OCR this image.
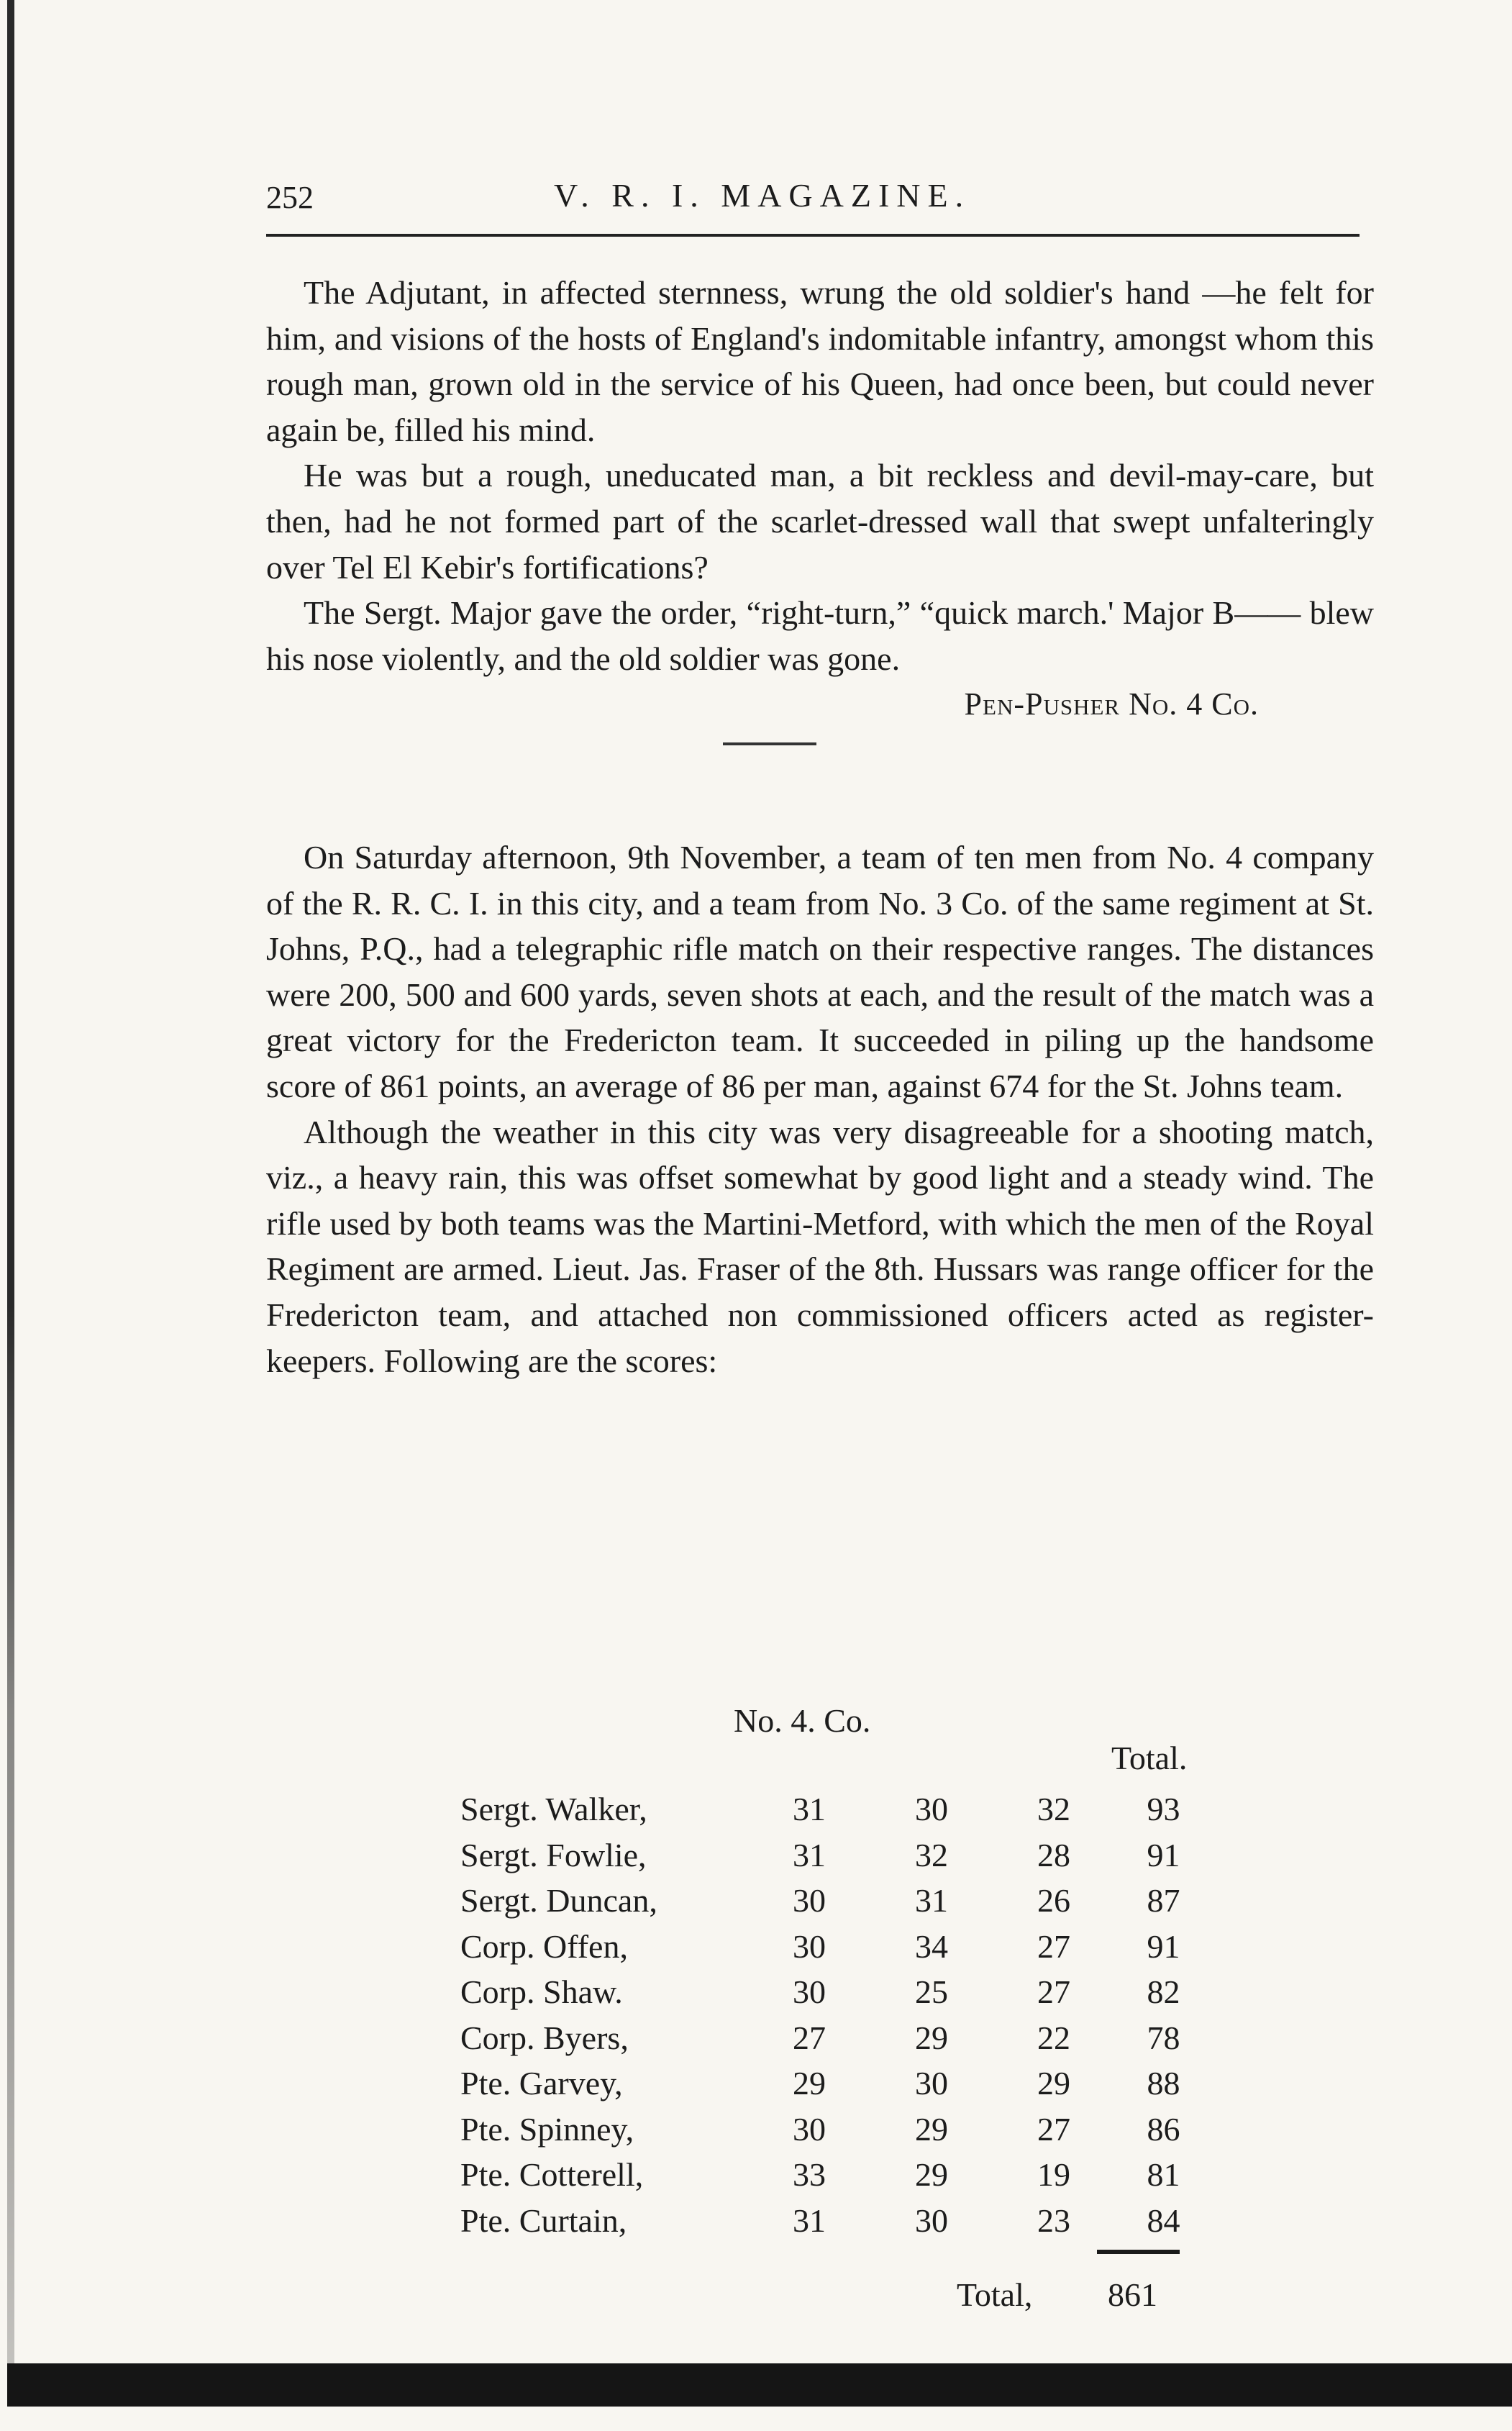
252	V. R. I. MAGAZINE.

The Adjutant, in affected sternness, wrung the old soldier's hand —he felt for him, and visions of the hosts of England's indomitable infantry, amongst whom this rough man, grown old in the service of his Queen, had once been, but could never again be, filled his mind.

He was but a rough, uneducated man, a bit reckless and devil-may-care, but then, had he not formed part of the scarlet-dressed wall that swept unfalteringly over Tel El Kebir's fortifications?

The Sergt. Major gave the order, “right-turn,” “quick march.' Major B—— blew his nose violently, and the old soldier was gone.

Pen-Pusher No. 4 Co.

On Saturday afternoon, 9th November, a team of ten men from No. 4 company of the R. R. C. I. in this city, and a team from No. 3 Co. of the same regiment at St. Johns, P.Q., had a telegraphic rifle match on their respective ranges. The distances were 200, 500 and 600 yards, seven shots at each, and the result of the match was a great victory for the Fredericton team. It succeeded in piling up the handsome score of 861 points, an average of 86 per man, against 674 for the St. Johns team.

Although the weather in this city was very disagreeable for a shooting match, viz., a heavy rain, this was offset somewhat by good light and a steady wind. The rifle used by both teams was the Martini-Metford, with which the men of the Royal Regiment are armed. Lieut. Jas. Fraser of the 8th. Hussars was range officer for the Fredericton team, and attached non commissioned officers acted as register-keepers. Following are the scores:

No. 4. Co.
Total.
Sergt. Walker,	31	30	32	93
Sergt. Fowlie,	31	32	28	91
Sergt. Duncan,	30	31	26	87
Corp. Offen,	30	34	27	91
Corp. Shaw.	30	25	27	82
Corp. Byers,	27	29	22	78
Pte. Garvey,	29	30	29	88
Pte. Spinney,	30	29	27	86
Pte. Cotterell,	33	29	19	81
Pte. Curtain,	31	30	23	84
Total, 861
